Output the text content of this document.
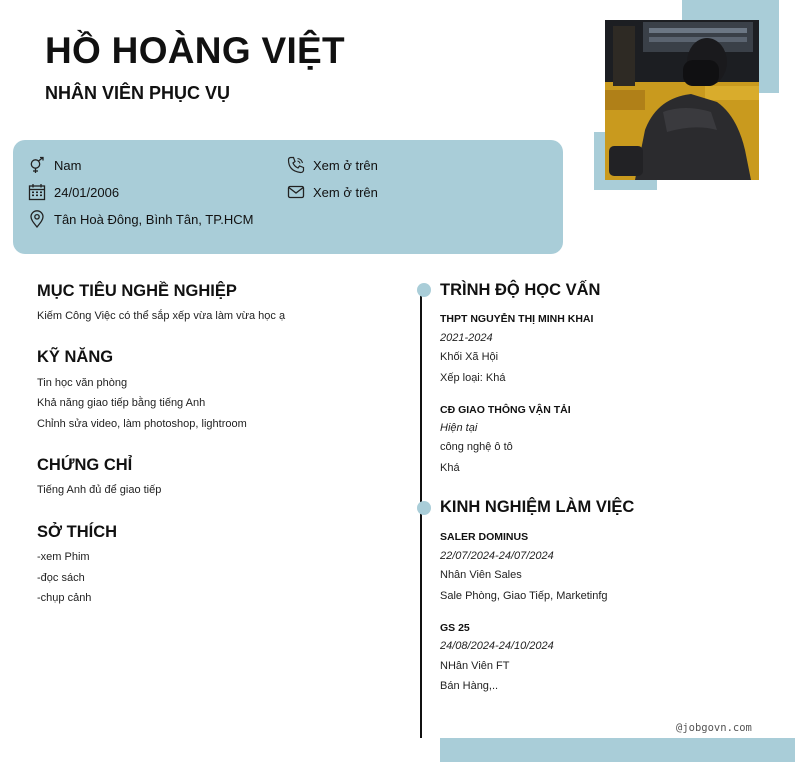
HỒ HOÀNG VIỆT
NHÂN VIÊN PHỤC VỤ
Nam
24/01/2006
Tân Hoà Đông, Bình Tân, TP.HCM
Xem ở trên
Xem ở trên
MỤC TIÊU NGHỀ NGHIỆP
Kiếm Công Việc có thể sắp xếp vừa làm vừa học ạ
KỸ NĂNG
Tin học văn phòng
Khả năng giao tiếp bằng tiếng Anh
Chỉnh sửa video, làm photoshop, lightroom
CHỨNG CHỈ
Tiếng Anh đủ để giao tiếp
SỞ THÍCH
-xem Phim
-đọc sách
-chụp cảnh
TRÌNH ĐỘ HỌC VẤN
THPT NGUYỄN THỊ MINH KHAI
2021-2024
Khối Xã Hội
Xếp loại: Khá
CĐ GIAO THÔNG VẬN TẢI
Hiện tại
công nghệ ô tô
Khá
KINH NGHIỆM LÀM VIỆC
SALER DOMINUS
22/07/2024-24/07/2024
Nhân Viên Sales
Sale Phòng, Giao Tiếp, Marketinfg
GS 25
24/08/2024-24/10/2024
NHân Viên FT
Bán Hàng,..
@jobgovn.com
